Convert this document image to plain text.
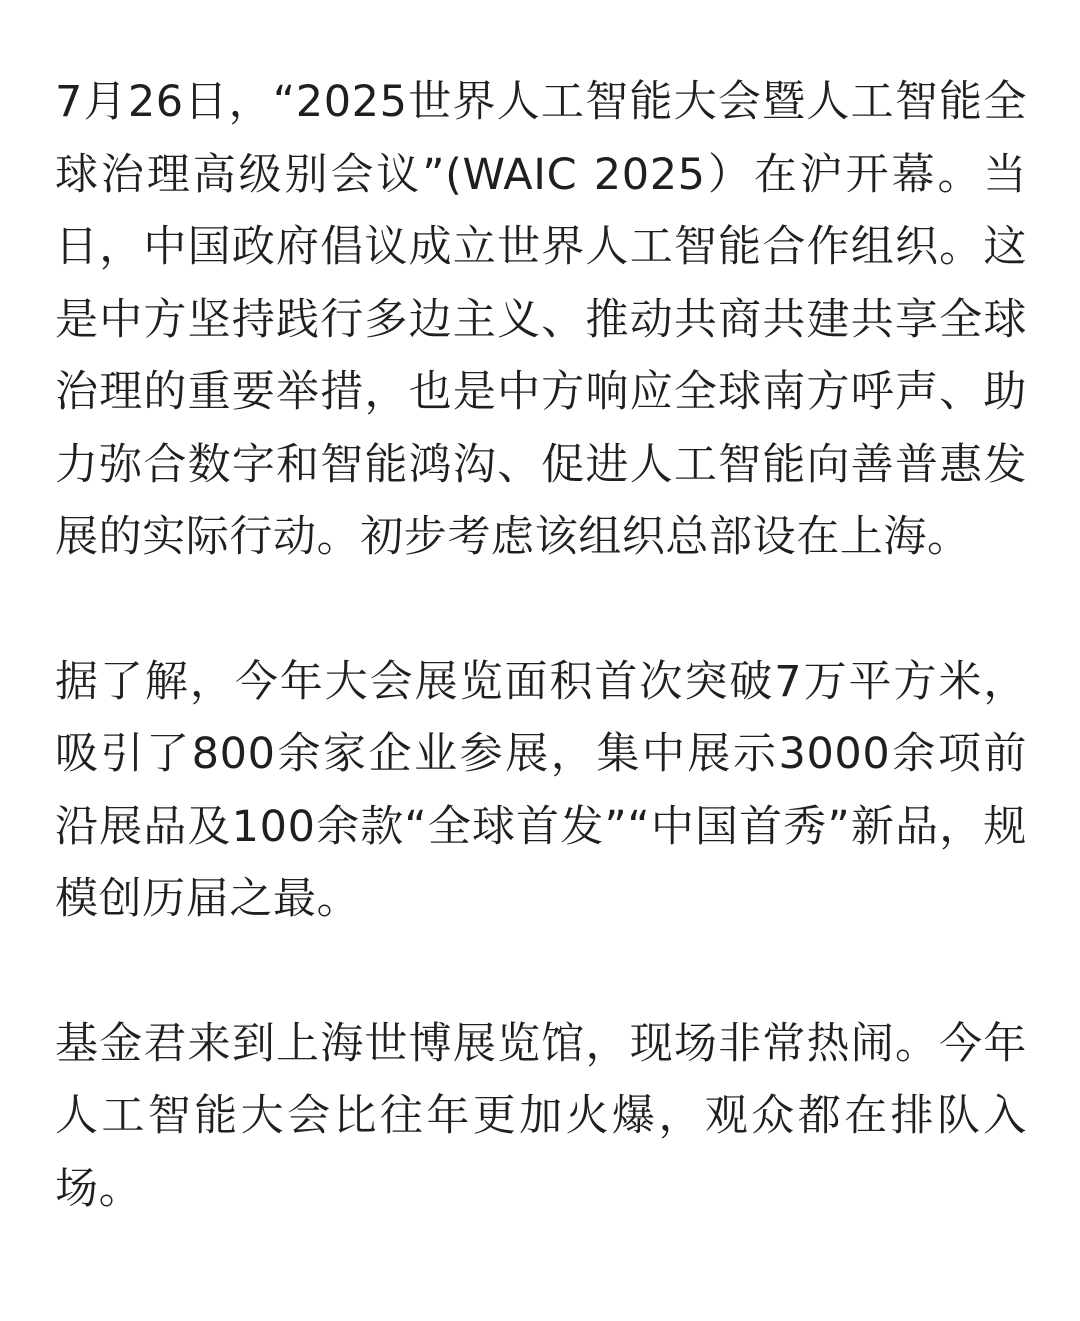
7月26日，“2025世界人工智能大会暨人工智能全球治理高级别会议”(WAIC 2025）在沪开幕。当日，中国政府倡议成立世界人工智能合作组织。这是中方坚持践行多边主义、推动共商共建共享全球治理的重要举措，也是中方响应全球南方呼声、助力弥合数字和智能鸿沟、促进人工智能向善普惠发展的实际行动。初步考虑该组织总部设在上海。

据了解，今年大会展览面积首次突破7万平方米，吸引了800余家企业参展，集中展示3000余项前沿展品及100余款“全球首发”“中国首秀”新品，规模创历届之最。

基金君来到上海世博展览馆，现场非常热闹。今年人工智能大会比往年更加火爆，观众都在排队入场。
